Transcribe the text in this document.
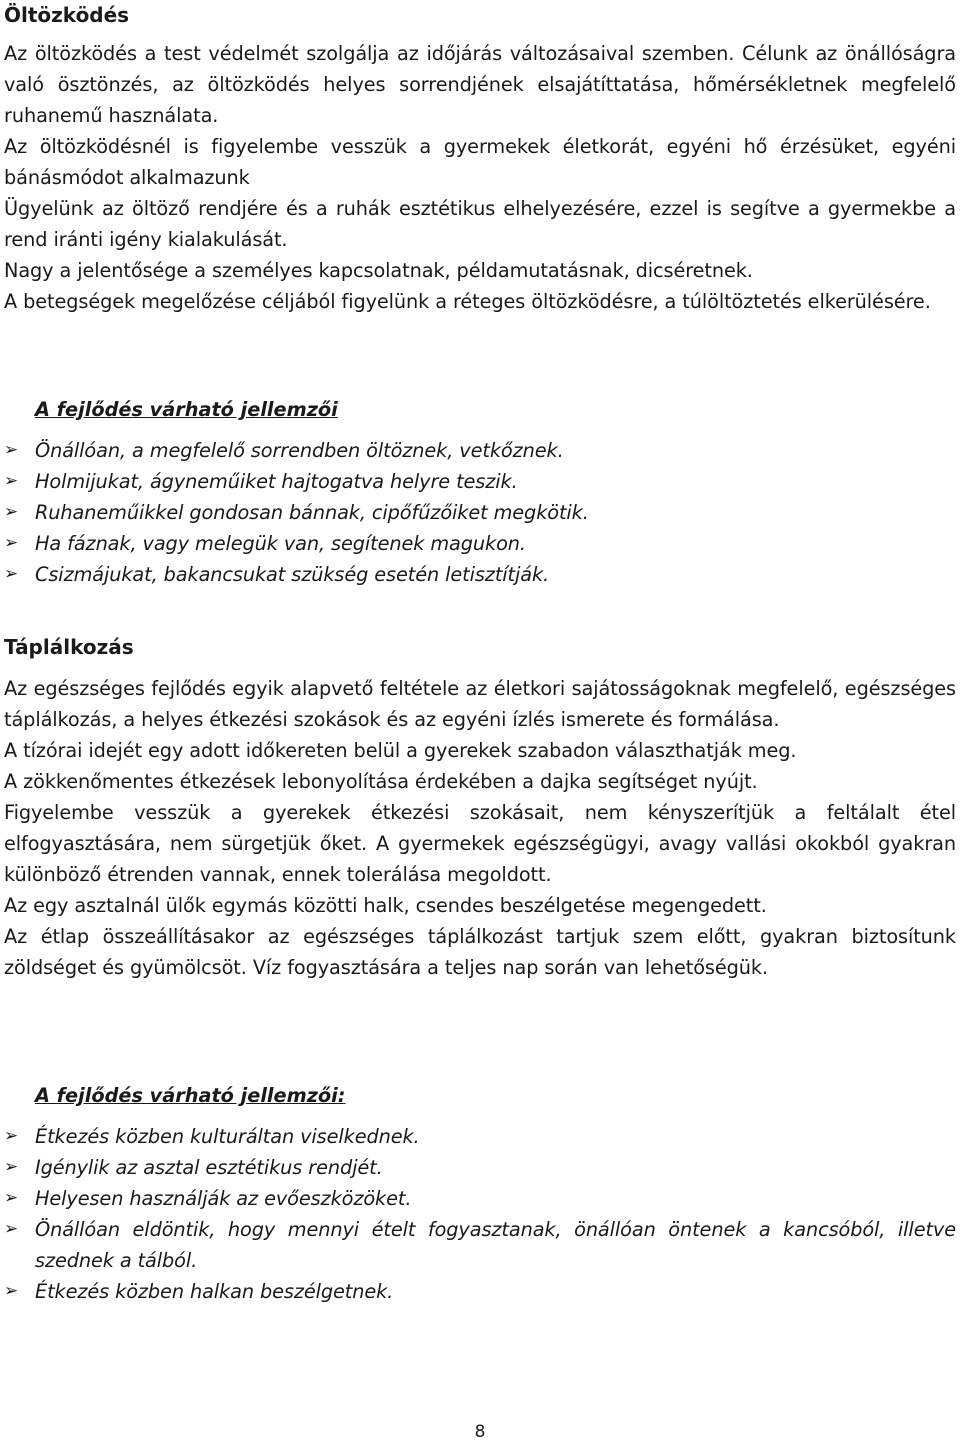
Öltözködés

Az öltözködés a test védelmét szolgálja az időjárás változásaival szemben. Célunk az önállóságra való ösztönzés, az öltözködés helyes sorrendjének elsajátíttatása, hőmérsékletnek megfelelő ruhanemű használata.

Az öltözködésnél is figyelembe vesszük a gyermekek életkorát, egyéni hő érzésüket, egyéni bánásmódot alkalmazunk

Ügyelünk az öltöző rendjére és a ruhák esztétikus elhelyezésére, ezzel is segítve a gyermekbe a rend iránti igény kialakulását.

Nagy a jelentősége a személyes kapcsolatnak, példamutatásnak, dicséretnek.

A betegségek megelőzése céljából figyelünk a réteges öltözködésre, a túlöltöztetés elkerülésére.

A fejlődés várható jellemzői

➢ Önállóan, a megfelelő sorrendben öltöznek, vetkőznek.
➢ Holmijukat, ágyneműiket hajtogatva helyre teszik.
➢ Ruhaneműikkel gondosan bánnak, cipőfűzőiket megkötik.
➢ Ha fáznak, vagy melegük van, segítenek magukon.
➢ Csizmájukat, bakancsukat szükség esetén letisztítják.
Táplálkozás

Az egészséges fejlődés egyik alapvető feltétele az életkori sajátosságoknak megfelelő, egészséges táplálkozás, a helyes étkezési szokások és az egyéni ízlés ismerete és formálása.

A tízórai idejét egy adott időkereten belül a gyerekek szabadon választhatják meg.

A zökkenőmentes étkezések lebonyolítása érdekében a dajka segítséget nyújt.

Figyelembe vesszük a gyerekek étkezési szokásait, nem kényszerítjük a feltálalt étel elfogyasztására, nem sürgetjük őket. A gyermekek egészségügyi, avagy vallási okokból gyakran különböző étrenden vannak, ennek tolerálása megoldott.

Az egy asztalnál ülők egymás közötti halk, csendes beszélgetése megengedett.

Az étlap összeállításakor az egészséges táplálkozást tartjuk szem előtt, gyakran biztosítunk zöldséget és gyümölcsöt. Víz fogyasztására a teljes nap során van lehetőségük.

A fejlődés várható jellemzői:

➢ Étkezés közben kulturáltan viselkednek.
➢ Igénylik az asztal esztétikus rendjét.
➢ Helyesen használják az evőeszközöket.
➢ Önállóan eldöntik, hogy mennyi ételt fogyasztanak, önállóan öntenek a kancsóból, illetve szednek a tálból.
➢ Étkezés közben halkan beszélgetnek.
8
